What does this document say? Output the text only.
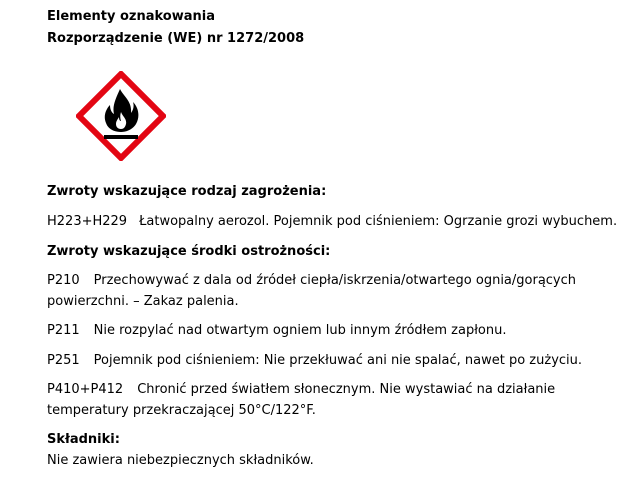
Elementy oznakowania
Rozporządzenie (WE) nr 1272/2008
Zwroty wskazujące rodzaj zagrożenia:
H223+H229 Łatwopalny aerozol. Pojemnik pod ciśnieniem: Ogrzanie grozi wybuchem.
Zwroty wskazujące środki ostrożności:
P210 Przechowywać z dala od źródeł ciepła/iskrzenia/otwartego ognia/gorących
powierzchni. – Zakaz palenia.
P211 Nie rozpylać nad otwartym ogniem lub innym źródłem zapłonu.
P251 Pojemnik pod ciśnieniem: Nie przekłuwać ani nie spalać, nawet po zużyciu.
P410+P412 Chronić przed światłem słonecznym. Nie wystawiać na działanie
temperatury przekraczającej 50°C/122°F.
Składniki:
Nie zawiera niebezpiecznych składników.
